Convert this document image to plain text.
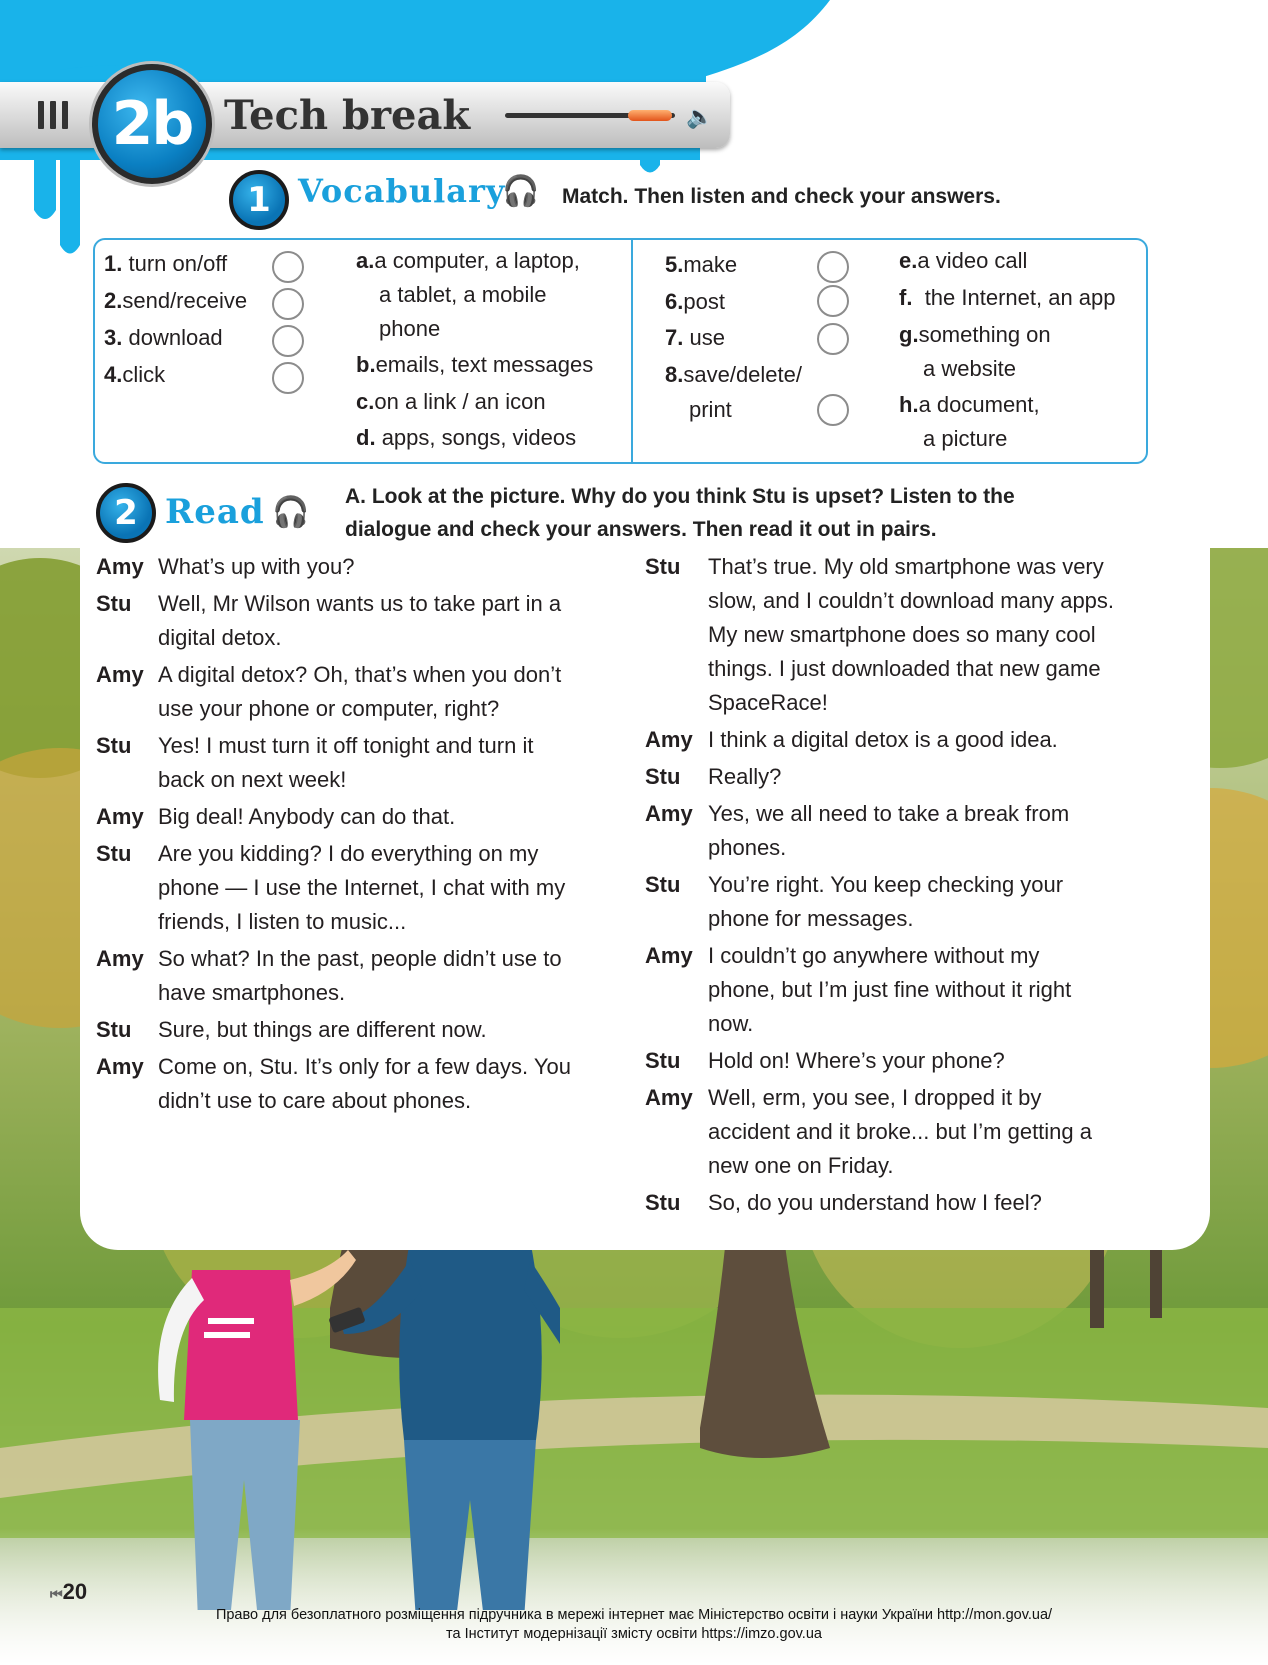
2b Tech break	🔈
1 Vocabulary
🎧 Match. Then listen and check your answers.
1. turn on/off
2.send/receive
3. download
4.click
a.a computer, a laptop,
a tablet, a mobile
phone
b.emails, text messages
c.on a link / an icon
d. apps, songs, videos
5.make
6.post
7. use
8.save/delete/
print
e.a video call
f. the Internet, an app
g.something on
a website
h.a document,
a picture
2 Read 🎧 A. Look at the picture. Why do you think Stu is upset? Listen to the
dialogue and check your answers. Then read it out in pairs.
Amy What’s up with you?
Stu Well, Mr Wilson wants us to take part in a
digital detox.
Amy A digital detox? Oh, that’s when you don’t
use your phone or computer, right?
Stu Yes! I must turn it off tonight and turn it
back on next week!
Amy Big deal! Anybody can do that.
Stu Are you kidding? I do everything on my
phone — I use the Internet, I chat with my
friends, I listen to music...
Amy So what? In the past, people didn’t use to
have smartphones.
Stu Sure, but things are different now.
Amy Come on, Stu. It’s only for a few days. You
didn’t use to care about phones.
Stu That’s true. My old smartphone was very
slow, and I couldn’t download many apps.
My new smartphone does so many cool
things. I just downloaded that new game
SpaceRace!
Amy I think a digital detox is a good idea.
Stu Really?
Amy Yes, we all need to take a break from
phones.
Stu You’re right. You keep checking your
phone for messages.
Amy I couldn’t go anywhere without my
phone, but I’m just fine without it right
now.
Stu Hold on! Where’s your phone?
Amy Well, erm, you see, I dropped it by
accident and it broke... but I’m getting a
new one on Friday.
Stu So, do you understand how I feel?
⏮20
Право для безоплатного розміщення підручника в мережі інтернет має Міністерство освіти і науки України http://mon.gov.ua/
та Інститут модернізації змісту освіти https://imzo.gov.ua
